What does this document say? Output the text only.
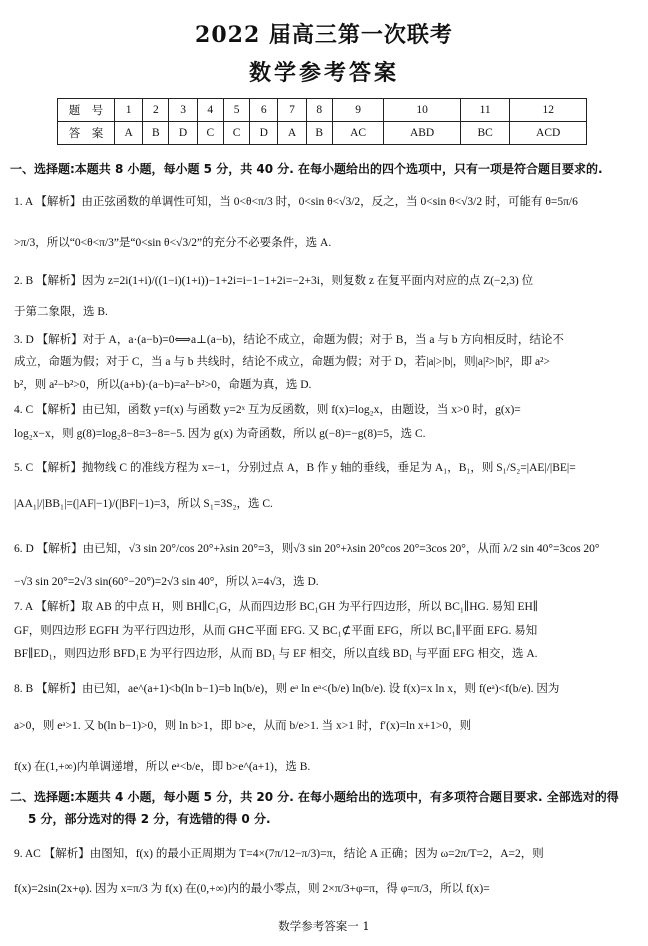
2022 届高三第一次联考
数学参考答案
题　号	1	2	3	4	5	6	7	8	9	10	11	12
答　案	A	B	D	C	C	D	A	B	AC	ABD	BC	ACD
一、选择题:本题共 8 小题，每小题 5 分，共 40 分. 在每小题给出的四个选项中，只有一项是符合题目要求的.
1. A 【解析】由正弦函数的单调性可知，当 0<θ<π/3 时，0<sin θ<√3/2，反之，当 0<sin θ<√3/2 时，可能有 θ=5π/6
>π/3，所以“0<θ<π/3”是“0<sin θ<√3/2”的充分不必要条件，选 A.
2. B 【解析】因为 z=2i(1+i)/((1−i)(1+i))−1+2i=i−1−1+2i=−2+3i，则复数 z 在复平面内对应的点 Z(−2,3) 位
于第二象限，选 B.
3. D 【解析】对于 A，a·(a−b)=0⟺a⊥(a−b)，结论不成立，命题为假；对于 B，当 a 与 b 方向相反时，结论不
成立，命题为假；对于 C，当 a 与 b 共线时，结论不成立，命题为假；对于 D，若|a|>|b|，则|a|²>|b|²，即 a²>
b²，则 a²−b²>0，所以(a+b)·(a−b)=a²−b²>0，命题为真，选 D.
4. C 【解析】由已知，函数 y=f(x) 与函数 y=2ˣ 互为反函数，则 f(x)=log₂x，由题设，当 x>0 时，g(x)=
log₂x−x，则 g(8)=log₂8−8=3−8=−5. 因为 g(x) 为奇函数，所以 g(−8)=−g(8)=5，选 C.
5. C 【解析】抛物线 C 的准线方程为 x=−1，分别过点 A，B 作 y 轴的垂线，垂足为 A₁，B₁，则 S₁/S₂=|AE|/|BE|=
|AA₁|/|BB₁|=(|AF|−1)/(|BF|−1)=3，所以 S₁=3S₂，选 C.
6. D 【解析】由已知，√3 sin 20°/cos 20°+λsin 20°=3，则√3 sin 20°+λsin 20°cos 20°=3cos 20°，从而 λ/2 sin 40°=3cos 20°
−√3 sin 20°=2√3 sin(60°−20°)=2√3 sin 40°，所以 λ=4√3，选 D.
7. A 【解析】取 AB 的中点 H，则 BH∥C₁G，从而四边形 BC₁GH 为平行四边形，所以 BC₁∥HG. 易知 EH∥
GF，则四边形 EGFH 为平行四边形，从而 GH⊂平面 EFG. 又 BC₁⊄平面 EFG，所以 BC₁∥平面 EFG. 易知
BF∥ED₁，则四边形 BFD₁E 为平行四边形，从而 BD₁ 与 EF 相交，所以直线 BD₁ 与平面 EFG 相交，选 A.
8. B 【解析】由已知，ae^(a+1)<b(ln b−1)=b ln(b/e)，则 eᵃ ln eᵃ<(b/e) ln(b/e). 设 f(x)=x ln x，则 f(eᵃ)<f(b/e). 因为
a>0，则 eᵃ>1. 又 b(ln b−1)>0，则 ln b>1，即 b>e，从而 b/e>1. 当 x>1 时，f′(x)=ln x+1>0，则
f(x) 在(1,+∞)内单调递增，所以 eᵃ<b/e，即 b>e^(a+1)，选 B.
二、选择题:本题共 4 小题，每小题 5 分，共 20 分. 在每小题给出的选项中，有多项符合题目要求. 全部选对的得
5 分，部分选对的得 2 分，有选错的得 0 分.
9. AC 【解析】由图知，f(x) 的最小正周期为 T=4×(7π/12−π/3)=π，结论 A 正确；因为 ω=2π/T=2，A=2，则
f(x)=2sin(2x+φ). 因为 x=π/3 为 f(x) 在(0,+∞)内的最小零点，则 2×π/3+φ=π，得 φ=π/3，所以 f(x)=
数学参考答案一 1
